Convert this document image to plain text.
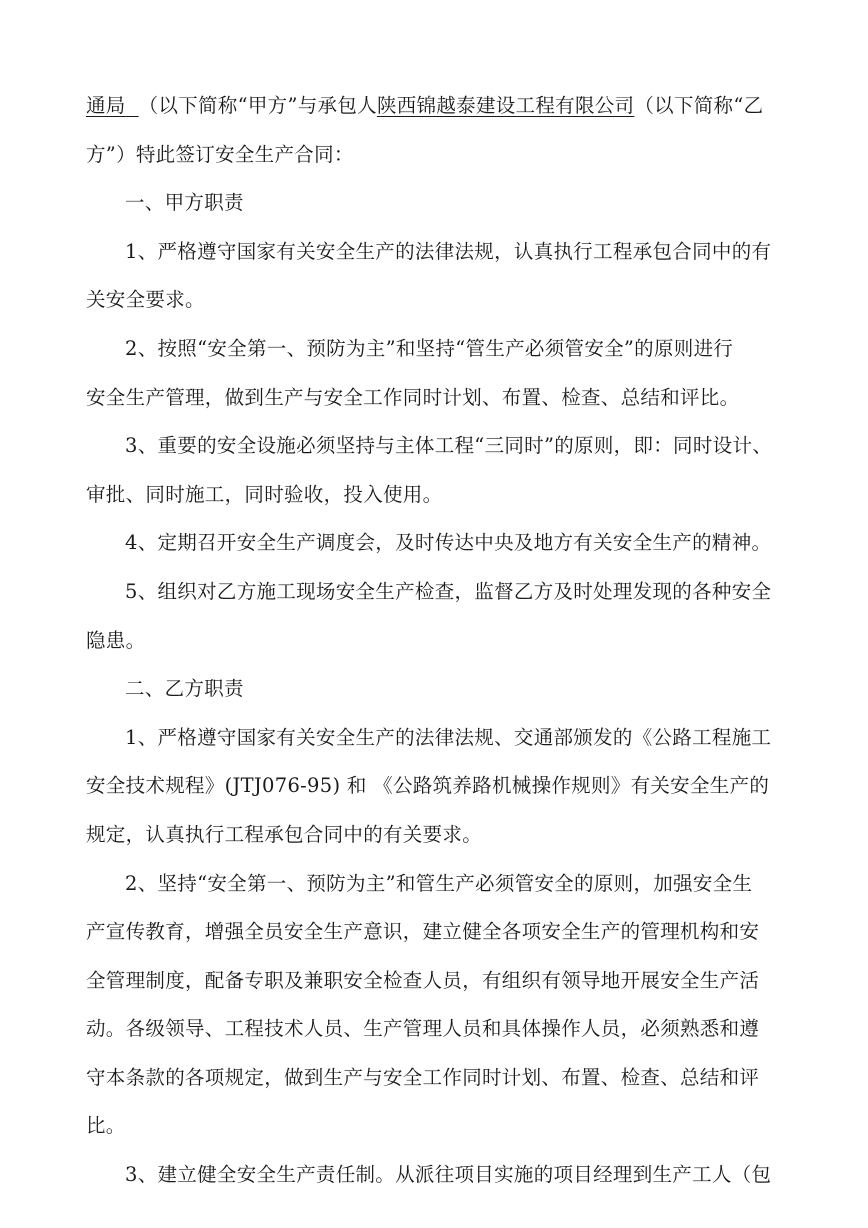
通局 （以下简称“甲方”与承包人陕西锦越泰建设工程有限公司（以下简称“乙
方”）特此签订安全生产合同：
一、甲方职责
1、严格遵守国家有关安全生产的法律法规，认真执行工程承包合同中的有
关安全要求。
2、按照“安全第一、预防为主”和坚持“管生产必须管安全”的原则进行
安全生产管理，做到生产与安全工作同时计划、布置、检查、总结和评比。
3、重要的安全设施必须坚持与主体工程“三同时”的原则，即：同时设计、
审批、同时施工，同时验收，投入使用。
4、定期召开安全生产调度会，及时传达中央及地方有关安全生产的精神。
5、组织对乙方施工现场安全生产检查，监督乙方及时处理发现的各种安全
隐患。
二、乙方职责
1、严格遵守国家有关安全生产的法律法规、交通部颁发的《公路工程施工
安全技术规程》(JTJ076-95) 和 《公路筑养路机械操作规则》有关安全生产的
规定，认真执行工程承包合同中的有关要求。
2、坚持“安全第一、预防为主”和管生产必须管安全的原则，加强安全生
产宣传教育，增强全员安全生产意识，建立健全各项安全生产的管理机构和安
全管理制度，配备专职及兼职安全检查人员，有组织有领导地开展安全生产活
动。各级领导、工程技术人员、生产管理人员和具体操作人员，必须熟悉和遵
守本条款的各项规定，做到生产与安全工作同时计划、布置、检查、总结和评
比。
3、建立健全安全生产责任制。从派往项目实施的项目经理到生产工人（包
